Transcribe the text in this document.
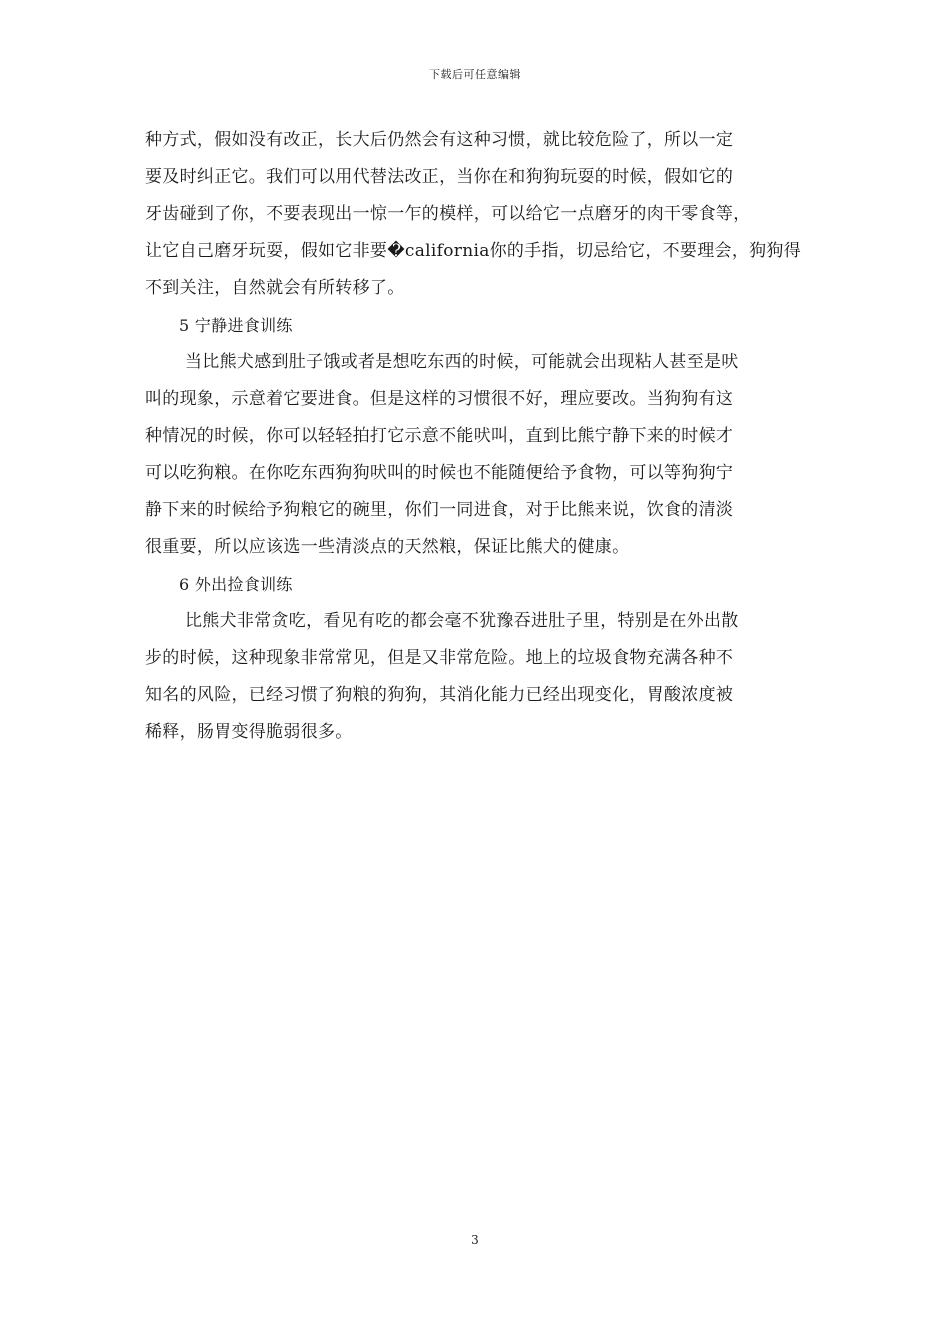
下载后可任意编辑
种方式，假如没有改正，长大后仍然会有这种习惯，就比较危险了，所以一定
要及时纠正它。我们可以用代替法改正，当你在和狗狗玩耍的时候，假如它的
牙齿碰到了你，不要表现出一惊一乍的模样，可以给它一点磨牙的肉干零食等，
让它自己磨牙玩耍，假如它非要�california你的手指，切忌给它，不要理会，狗狗得
不到关注，自然就会有所转移了。
5 宁静进食训练
当比熊犬感到肚子饿或者是想吃东西的时候，可能就会出现粘人甚至是吠
叫的现象，示意着它要进食。但是这样的习惯很不好，理应要改。当狗狗有这
种情况的时候，你可以轻轻拍打它示意不能吠叫，直到比熊宁静下来的时候才
可以吃狗粮。在你吃东西狗狗吠叫的时候也不能随便给予食物，可以等狗狗宁
静下来的时候给予狗粮它的碗里，你们一同进食，对于比熊来说，饮食的清淡
很重要，所以应该选一些清淡点的天然粮，保证比熊犬的健康。
6 外出捡食训练
比熊犬非常贪吃，看见有吃的都会毫不犹豫吞进肚子里，特别是在外出散
步的时候，这种现象非常常见，但是又非常危险。地上的垃圾食物充满各种不
知名的风险，已经习惯了狗粮的狗狗，其消化能力已经出现变化，胃酸浓度被
稀释，肠胃变得脆弱很多。
3
